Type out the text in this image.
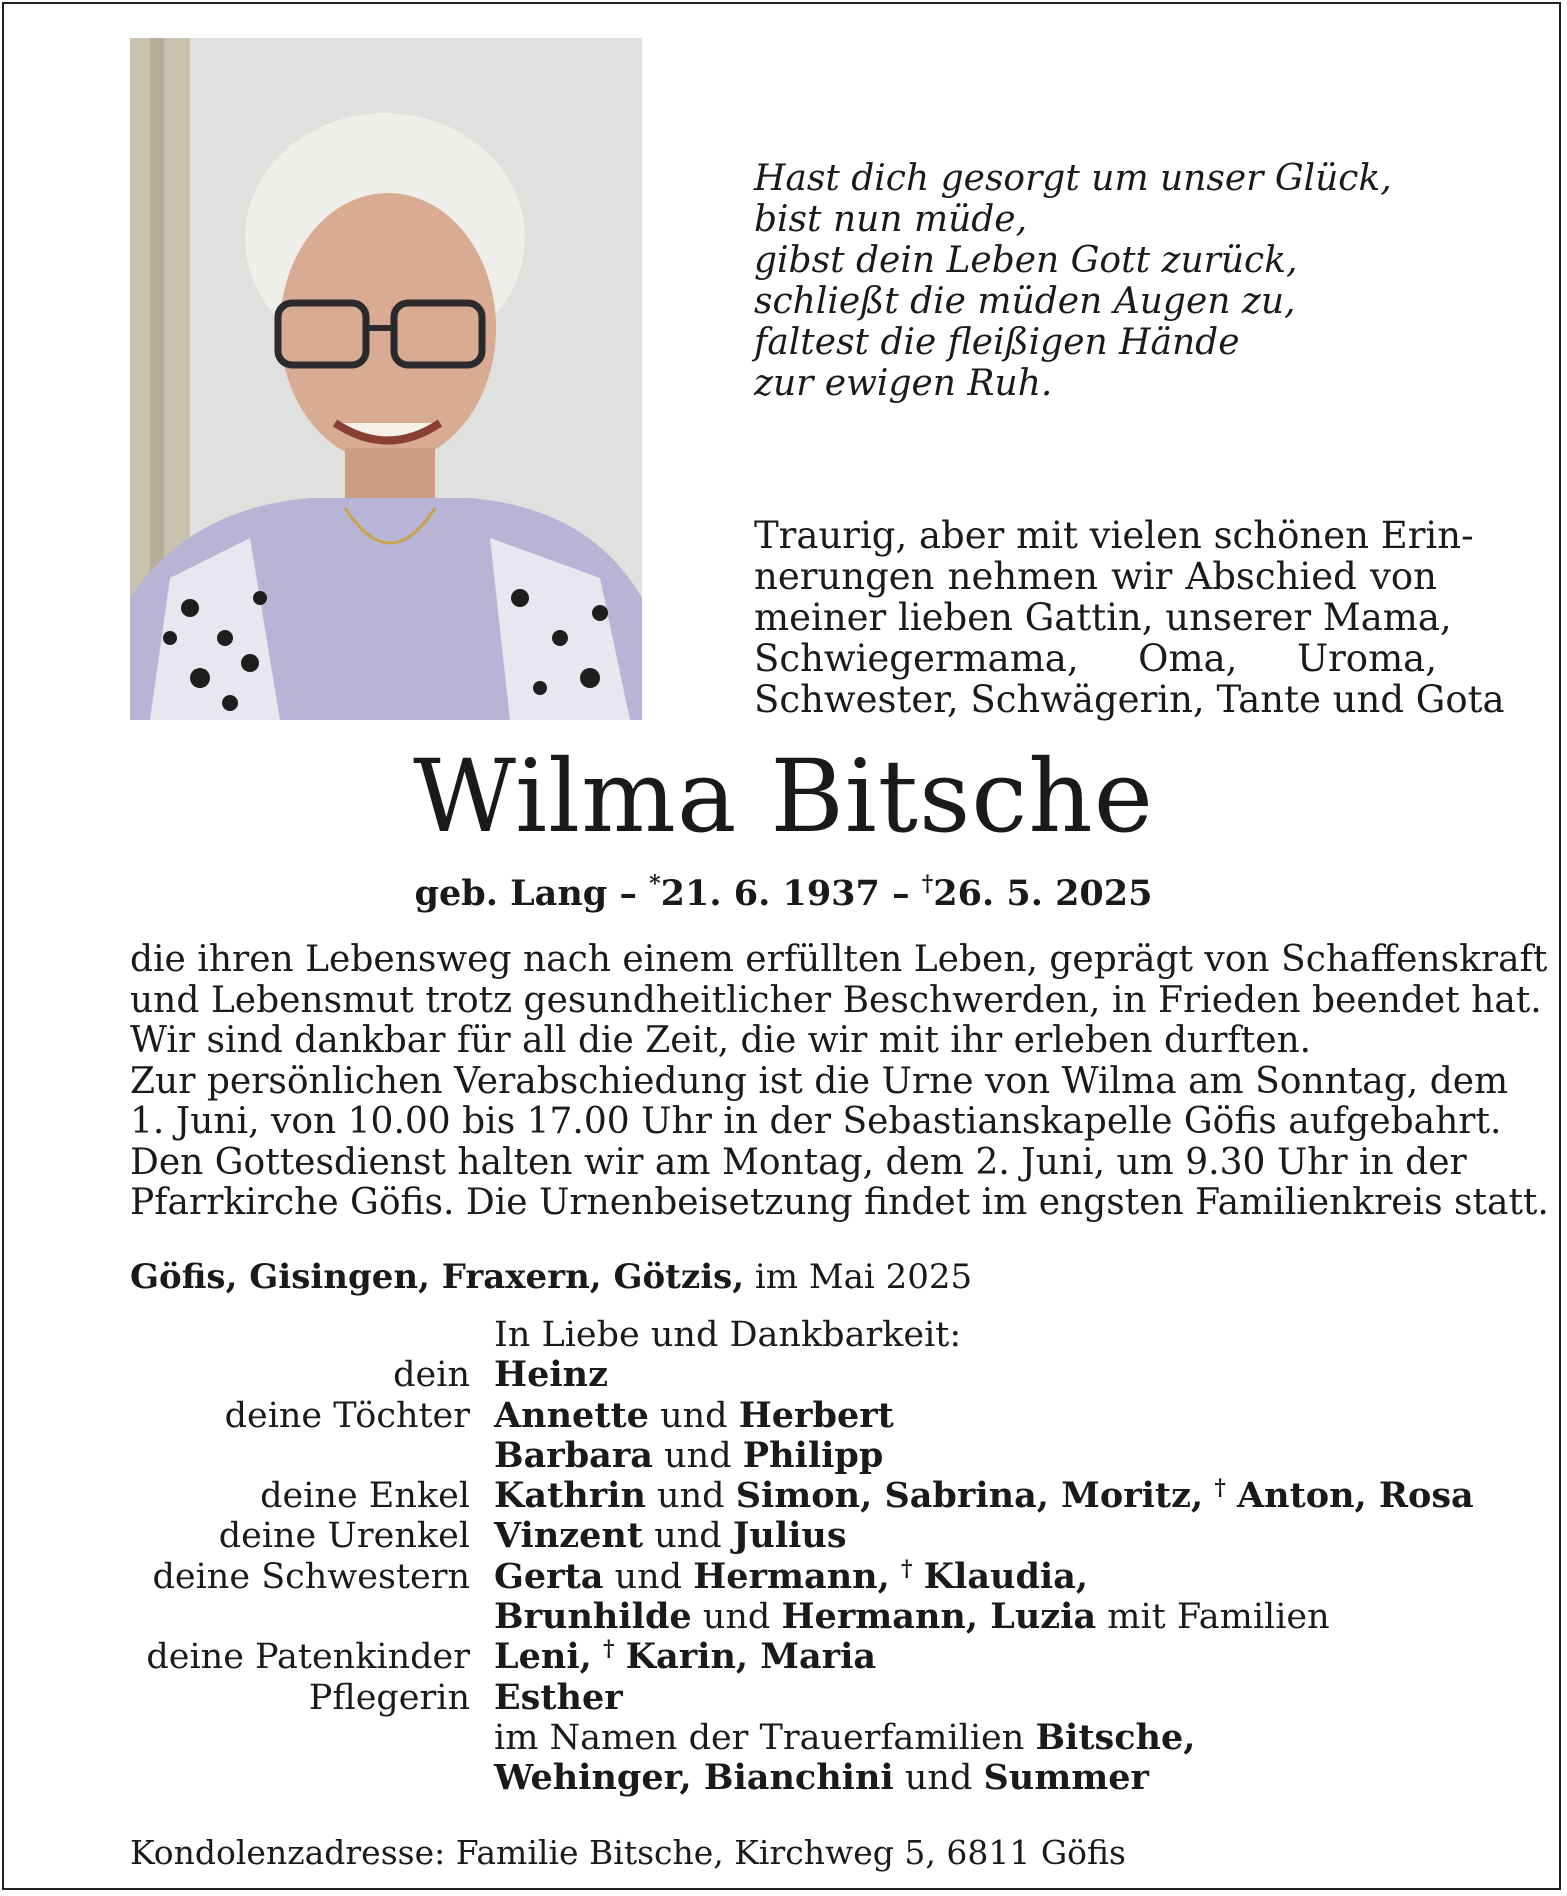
Hast dich gesorgt um unser Glück,
bist nun müde,
gibst dein Leben Gott zurück,
schließt die müden Augen zu,
faltest die fleißigen Hände
zur ewigen Ruh.
Traurig, aber mit vielen schönen Erin-
nerungen nehmen wir Abschied von
meiner lieben Gattin, unserer Mama,
Schwiegermama, Oma, Uroma,
Schwester, Schwägerin, Tante und Gota
Wilma Bitsche
geb. Lang – *21. 6. 1937 – †26. 5. 2025
die ihren Lebensweg nach einem erfüllten Leben, geprägt von Schaffenskraft
und Lebensmut trotz gesundheitlicher Beschwerden, in Frieden beendet hat.
Wir sind dankbar für all die Zeit, die wir mit ihr erleben durften.
Zur persönlichen Verabschiedung ist die Urne von Wilma am Sonntag, dem
1. Juni, von 10.00 bis 17.00 Uhr in der Sebastianskapelle Göfis aufgebahrt.
Den Gottesdienst halten wir am Montag, dem 2. Juni, um 9.30 Uhr in der
Pfarrkirche Göfis. Die Urnenbeisetzung findet im engsten Familienkreis statt.
Göfis, Gisingen, Fraxern, Götzis, im Mai 2025
In Liebe und Dankbarkeit:
dein Heinz
deine Töchter Annette und Herbert
Barbara und Philipp
deine Enkel Kathrin und Simon, Sabrina, Moritz, † Anton, Rosa
deine Urenkel Vinzent und Julius
deine Schwestern Gerta und Hermann, † Klaudia,
Brunhilde und Hermann, Luzia mit Familien
deine Patenkinder Leni, † Karin, Maria
Pflegerin Esther
im Namen der Trauerfamilien Bitsche,
Wehinger, Bianchini und Summer
Kondolenzadresse: Familie Bitsche, Kirchweg 5, 6811 Göfis
